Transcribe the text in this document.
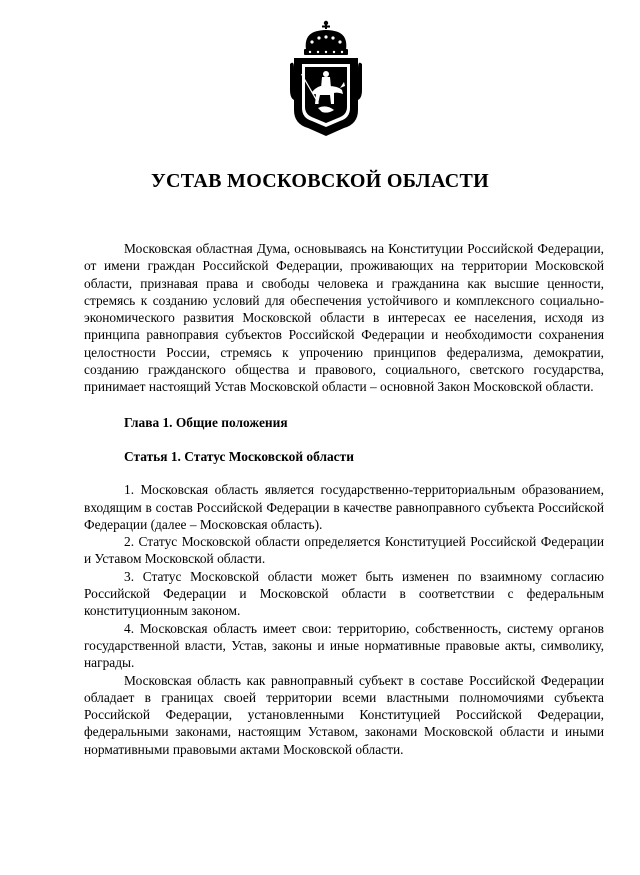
УСТАВ МОСКОВСКОЙ ОБЛАСТИ

Московская областная Дума, основываясь на Конституции Российской Федерации, от имени граждан Российской Федерации, проживающих на территории Московской области, признавая права и свободы человека и гражданина как высшие ценности, стремясь к созданию условий для обеспечения устойчивого и комплексного социально-экономического развития Московской области в интересах ее населения, исходя из принципа равноправия субъектов Российской Федерации и необходимости сохранения целостности России, стремясь к упрочению принципов федерализма, демократии, созданию гражданского общества и правового, социального, светского государства, принимает настоящий Устав Московской области – основной Закон Московской области.

Глава 1. Общие положения

Статья 1. Статус Московской области

1. Московская область является государственно-территориальным образованием, входящим в состав Российской Федерации в качестве равноправного субъекта Российской Федерации (далее – Московская область).

2. Статус Московской области определяется Конституцией Российской Федерации и Уставом Московской области.

3. Статус Московской области может быть изменен по взаимному согласию Российской Федерации и Московской области в соответствии с федеральным конституционным законом.

4. Московская область имеет свои: территорию, собственность, систему органов государственной власти, Устав, законы и иные нормативные правовые акты, символику, награды.

Московская область как равноправный субъект в составе Российской Федерации обладает в границах своей территории всеми властными полномочиями субъекта Российской Федерации, установленными Конституцией Российской Федерации, федеральными законами, настоящим Уставом, законами Московской области и иными нормативными правовыми актами Московской области.
